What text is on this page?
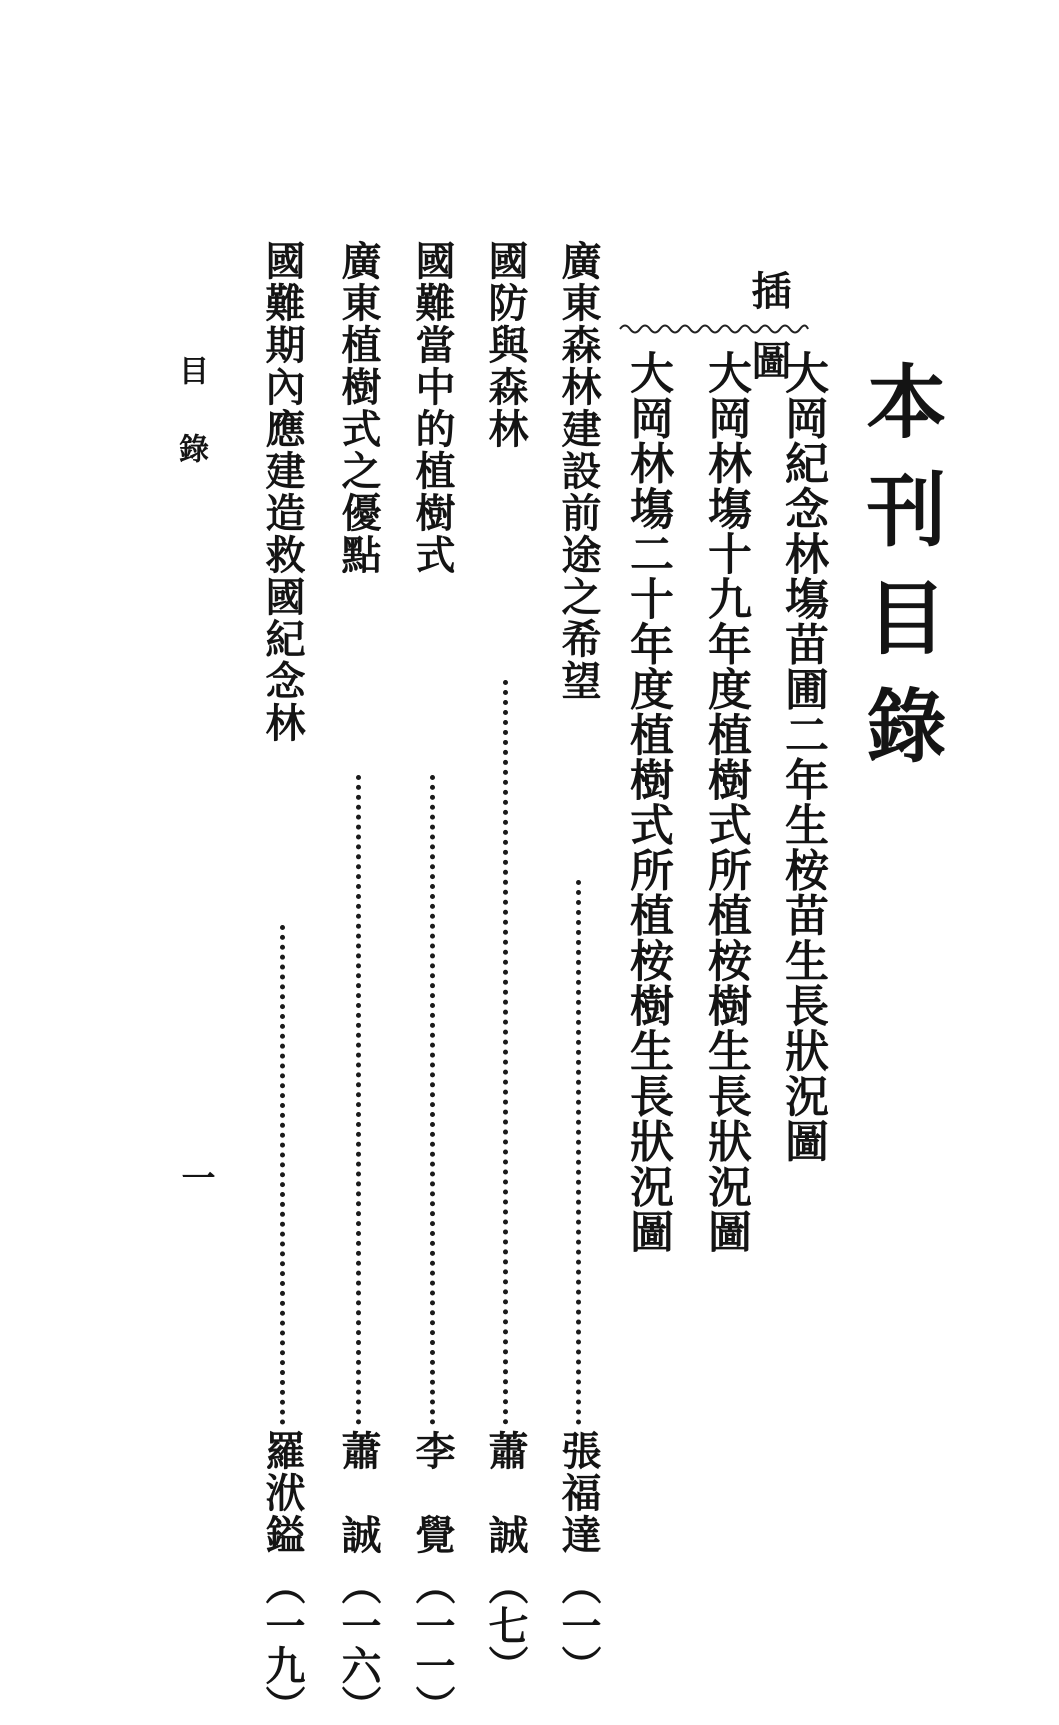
本刊目錄
插圖
大岡紀念林塲苗圃二年生桉苗生長狀況圖
大岡林塲十九年度植樹式所植桉樹生長狀況圖
大岡林塲二十年度植樹式所植桉樹生長狀況圖
廣東森林建設前途之希望
張福達
（一）
國防與森林
蕭　誠
（七）
國難當中的植樹式
李　覺
（一一）
廣東植樹式之優點
蕭　誠
（一六）
國難期內應建造救國紀念林
羅洑鎰
（一九）
目錄
一
